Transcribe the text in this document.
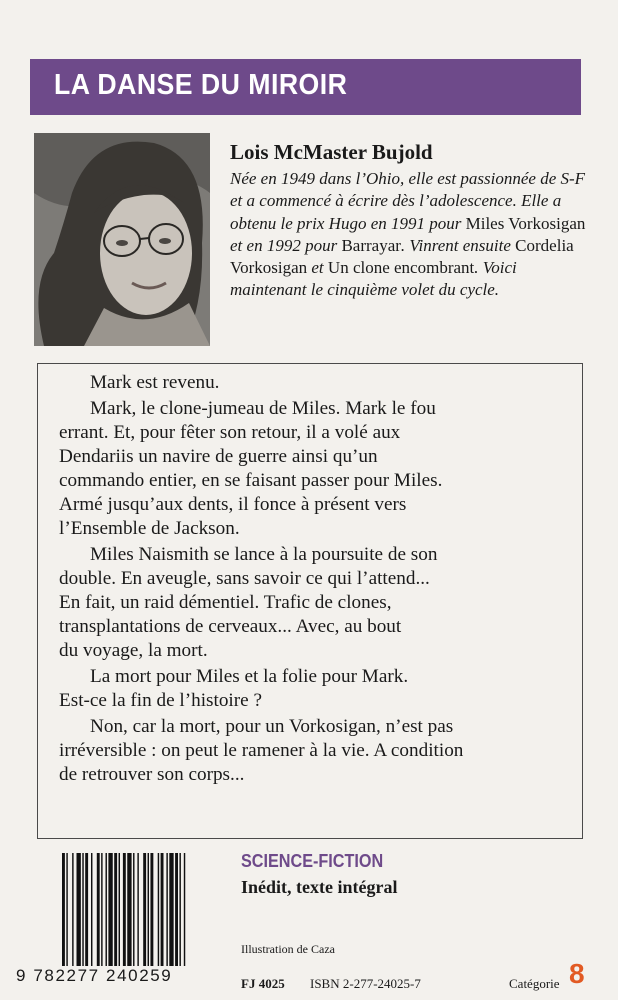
LA DANSE DU MIROIR
Lois McMaster Bujold
Née en 1949 dans l’Ohio, elle est passionnée de S-F et a commencé à écrire dès l’adolescence. Elle a obtenu le prix Hugo en 1991 pour Miles Vorkosigan et en 1992 pour Barrayar. Vinrent ensuite Cordelia Vorkosigan et Un clone encombrant. Voici maintenant le cinquième volet du cycle.

Mark est revenu.

Mark, le clone-jumeau de Miles. Mark le fou

errant. Et, pour fêter son retour, il a volé aux

Dendariis un navire de guerre ainsi qu’un

commando entier, en se faisant passer pour Miles.

Armé jusqu’aux dents, il fonce à présent vers

l’Ensemble de Jackson.

Miles Naismith se lance à la poursuite de son

double. En aveugle, sans savoir ce qui l’attend...

En fait, un raid démentiel. Trafic de clones,

transplantations de cerveaux... Avec, au bout

du voyage, la mort.

La mort pour Miles et la folie pour Mark.

Est-ce la fin de l’histoire ?

Non, car la mort, pour un Vorkosigan, n’est pas

irréversible : on peut le ramener à la vie. A condition

de retrouver son corps...

9 782277 240259
SCIENCE-FICTION
Inédit, texte intégral
Illustration de Caza
FJ 4025 ISBN 2-277-24025-7	Catégorie 8
